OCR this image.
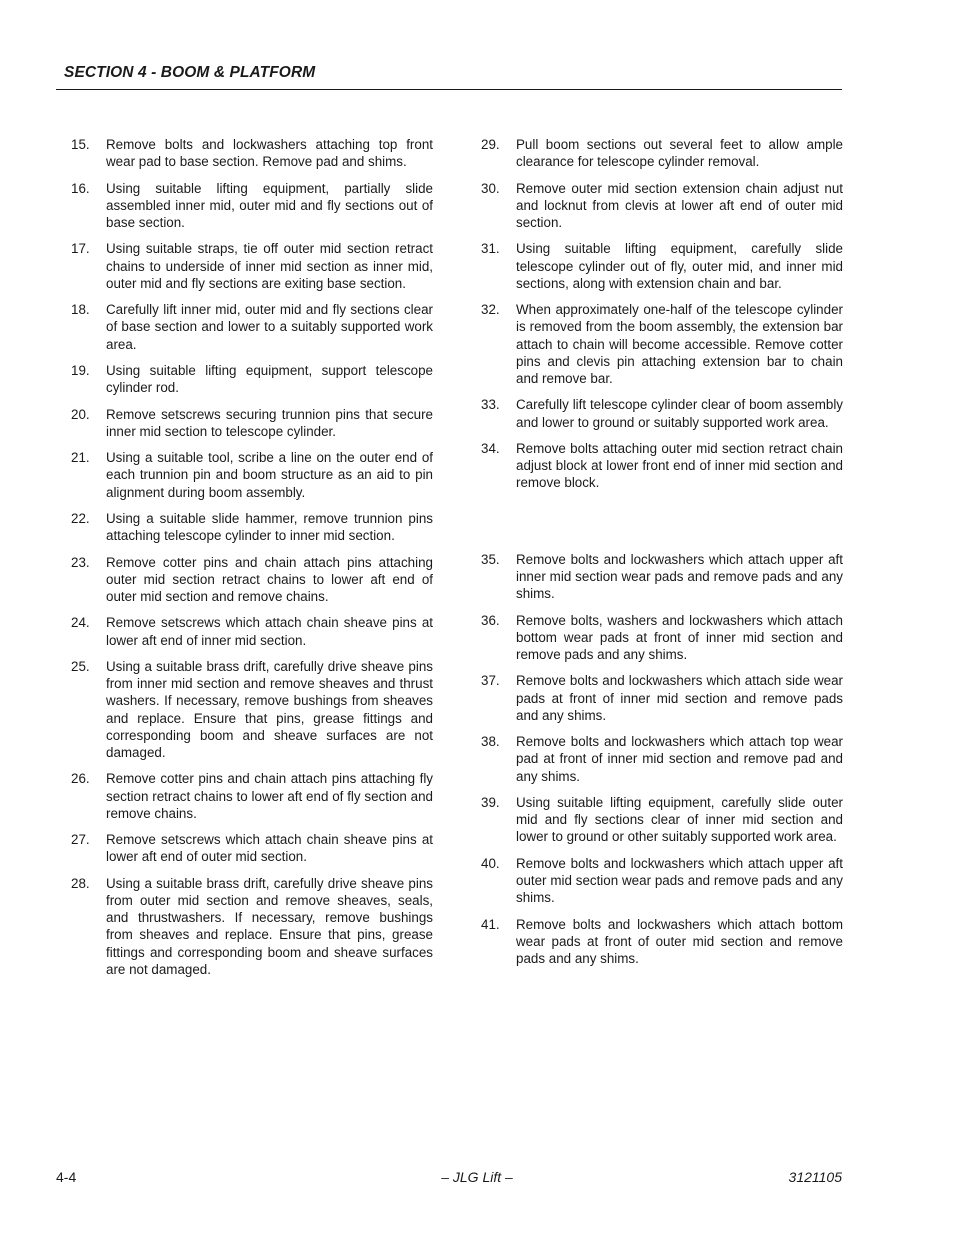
SECTION 4 - BOOM & PLATFORM
15. Remove bolts and lockwashers attaching top front wear pad to base section. Remove pad and shims.
16. Using suitable lifting equipment, partially slide assembled inner mid, outer mid and fly sections out of base section.
17. Using suitable straps, tie off outer mid section retract chains to underside of inner mid section as inner mid, outer mid and fly sections are exiting base section.
18. Carefully lift inner mid, outer mid and fly sections clear of base section and lower to a suitably supported work area.
19. Using suitable lifting equipment, support telescope cylinder rod.
20. Remove setscrews securing trunnion pins that secure inner mid section to telescope cylinder.
21. Using a suitable tool, scribe a line on the outer end of each trunnion pin and boom structure as an aid to pin alignment during boom assembly.
22. Using a suitable slide hammer, remove trunnion pins attaching telescope cylinder to inner mid section.
23. Remove cotter pins and chain attach pins attaching outer mid section retract chains to lower aft end of outer mid section and remove chains.
24. Remove setscrews which attach chain sheave pins at lower aft end of inner mid section.
25. Using a suitable brass drift, carefully drive sheave pins from inner mid section and remove sheaves and thrust washers. If necessary, remove bushings from sheaves and replace. Ensure that pins, grease fittings and corresponding boom and sheave surfaces are not damaged.
26. Remove cotter pins and chain attach pins attaching fly section retract chains to lower aft end of fly section and remove chains.
27. Remove setscrews which attach chain sheave pins at lower aft end of outer mid section.
28. Using a suitable brass drift, carefully drive sheave pins from outer mid section and remove sheaves, seals, and thrustwashers. If necessary, remove bushings from sheaves and replace. Ensure that pins, grease fittings and corresponding boom and sheave surfaces are not damaged.
29. Pull boom sections out several feet to allow ample clearance for telescope cylinder removal.
30. Remove outer mid section extension chain adjust nut and locknut from clevis at lower aft end of outer mid section.
31. Using suitable lifting equipment, carefully slide telescope cylinder out of fly, outer mid, and inner mid sections, along with extension chain and bar.
32. When approximately one-half of the telescope cylinder is removed from the boom assembly, the extension bar attach to chain will become accessible. Remove cotter pins and clevis pin attaching extension bar to chain and remove bar.
33. Carefully lift telescope cylinder clear of boom assembly and lower to ground or suitably supported work area.
34. Remove bolts attaching outer mid section retract chain adjust block at lower front end of inner mid section and remove block.
35. Remove bolts and lockwashers which attach upper aft inner mid section wear pads and remove pads and any shims.
36. Remove bolts, washers and lockwashers which attach bottom wear pads at front of inner mid section and remove pads and any shims.
37. Remove bolts and lockwashers which attach side wear pads at front of inner mid section and remove pads and any shims.
38. Remove bolts and lockwashers which attach top wear pad at front of inner mid section and remove pad and any shims.
39. Using suitable lifting equipment, carefully slide outer mid and fly sections clear of inner mid section and lower to ground or other suitably supported work area.
40. Remove bolts and lockwashers which attach upper aft outer mid section wear pads and remove pads and any shims.
41. Remove bolts and lockwashers which attach bottom wear pads at front of outer mid section and remove pads and any shims.
4-4	– JLG Lift –	3121105
